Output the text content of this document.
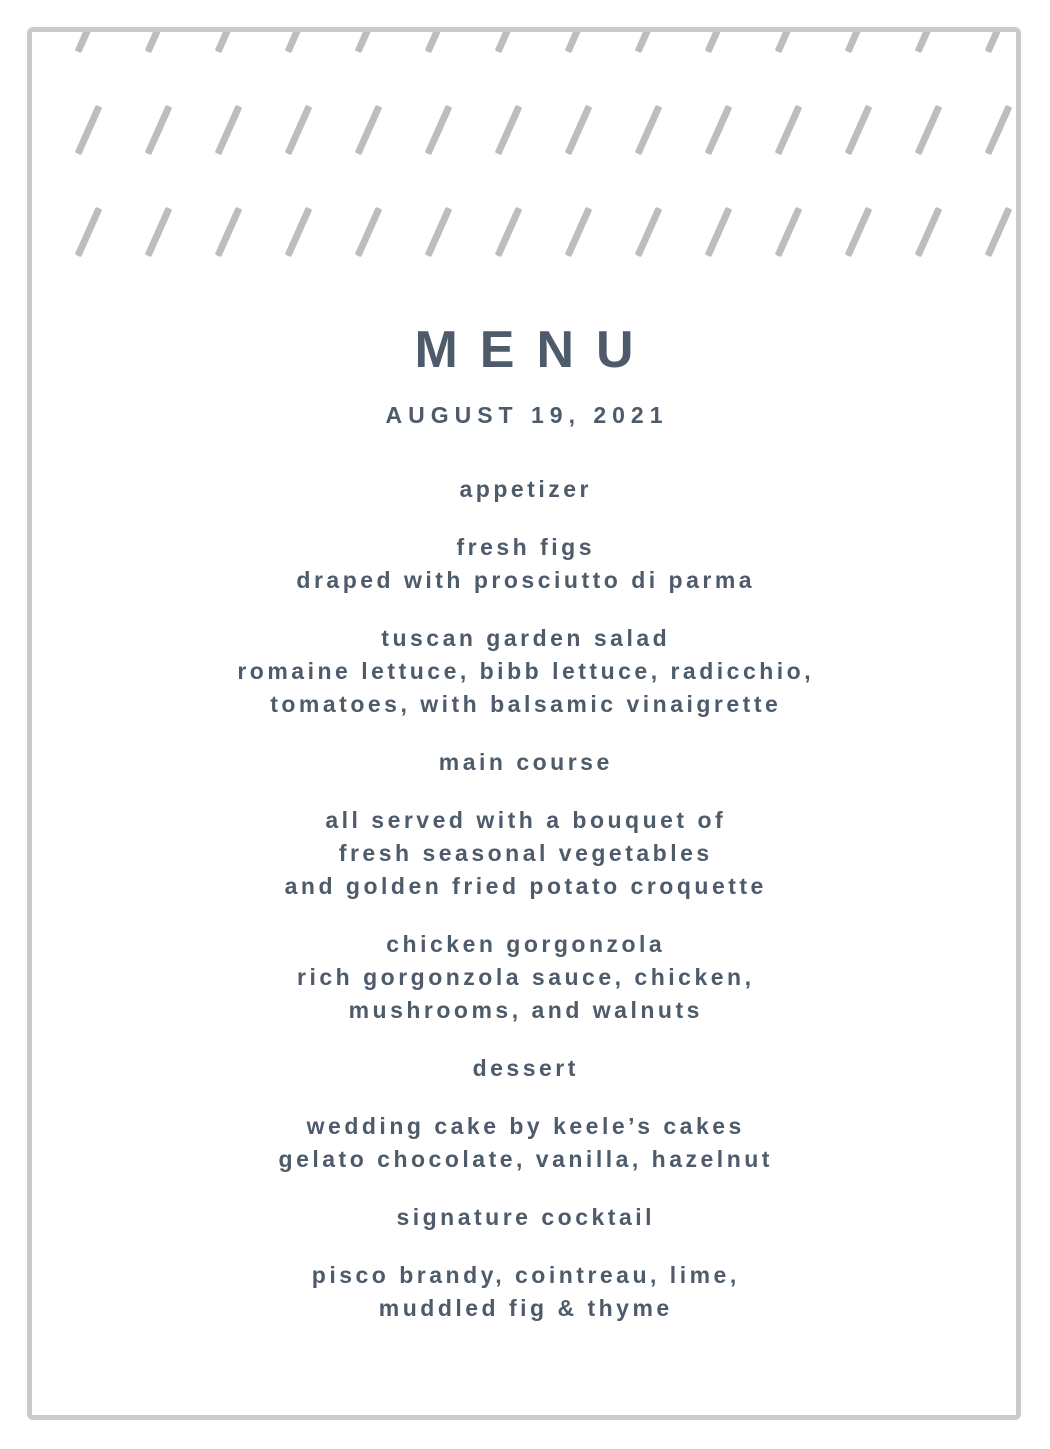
MENU
AUGUST 19, 2021
appetizer
fresh figs
draped with prosciutto di parma
tuscan garden salad
romaine lettuce, bibb lettuce, radicchio,
tomatoes, with balsamic vinaigrette
main course
all served with a bouquet of
fresh seasonal vegetables
and golden fried potato croquette
chicken gorgonzola
rich gorgonzola sauce, chicken,
mushrooms, and walnuts
dessert
wedding cake by keele’s cakes
gelato chocolate, vanilla, hazelnut
signature cocktail
pisco brandy, cointreau, lime,
muddled fig & thyme
